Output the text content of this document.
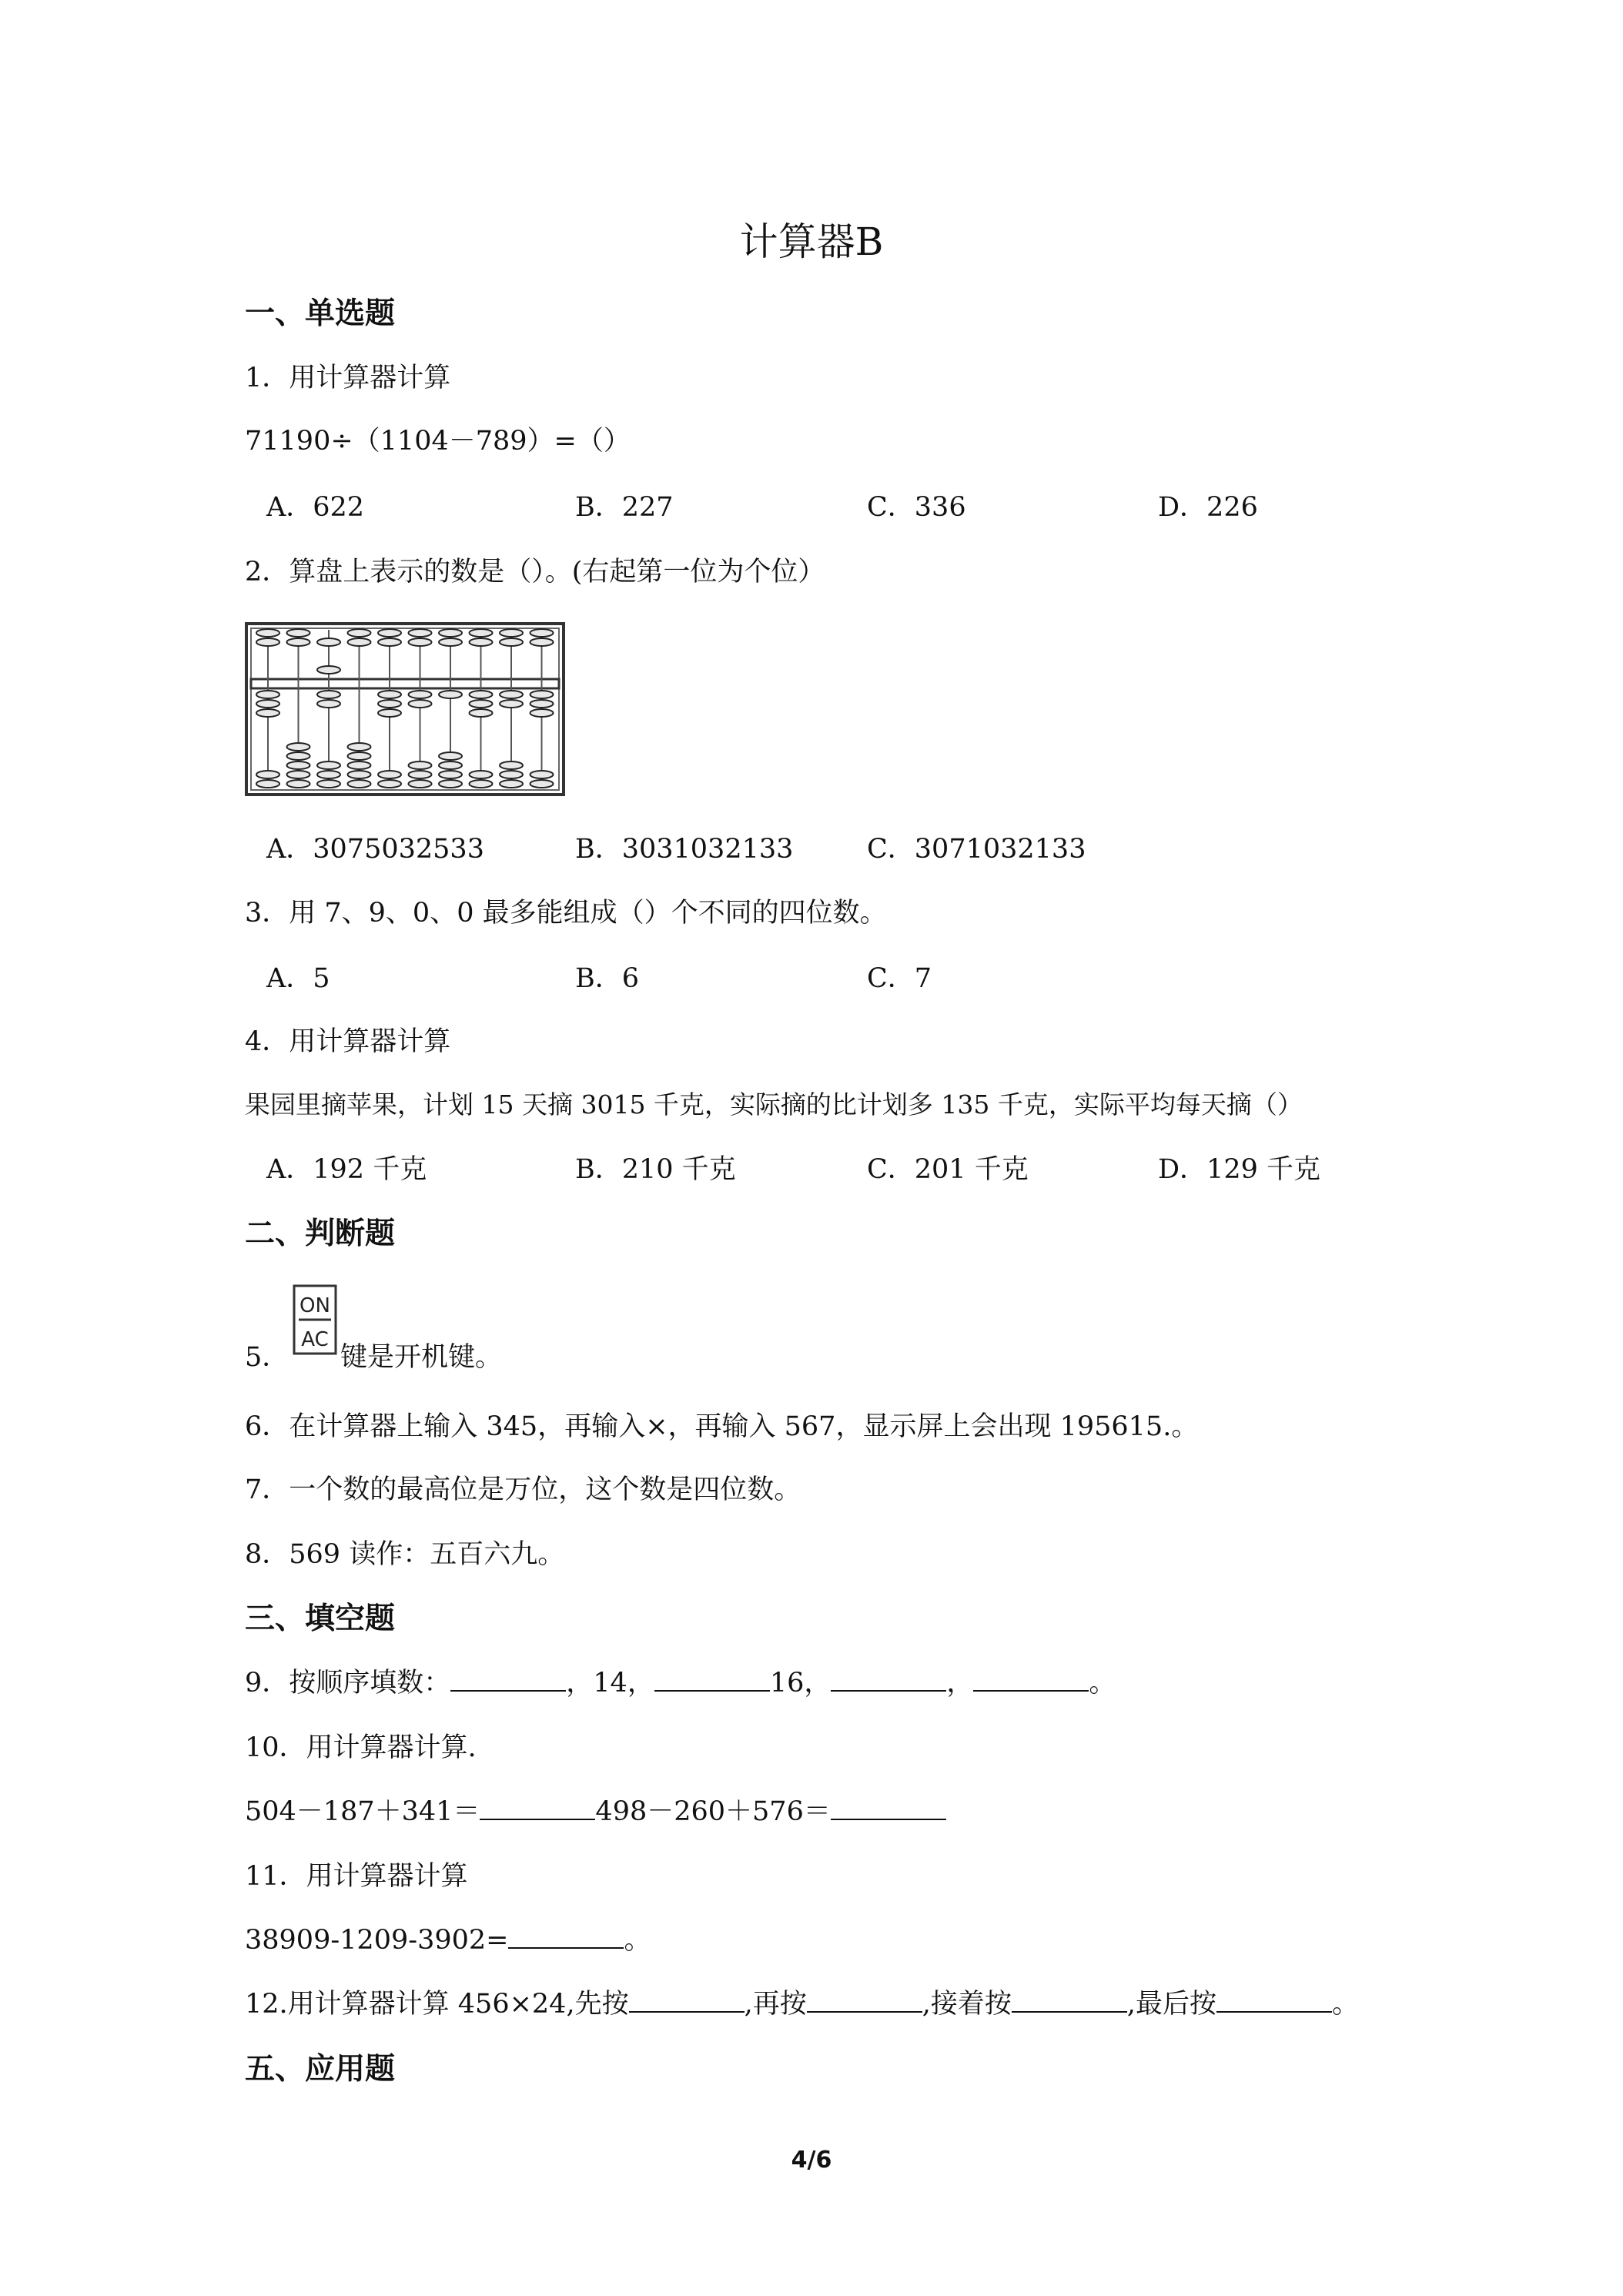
计算器B
一、单选题
1．用计算器计算
71190÷（1104－789）=（）
A．622	B．227	C．336	D．226
2．算盘上表示的数是（）。(右起第一位为个位）
A．3075032533	B．3031032133	C．3071032133
3．用 7、9、0、0 最多能组成（）个不同的四位数。
A．5	B．6	C．7
4．用计算器计算
果园里摘苹果，计划 15 天摘 3015 千克，实际摘的比计划多 135 千克，实际平均每天摘（）
A．192 千克	B．210 千克	C．201 千克	D．129 千克
二、判断题
5．
ON
AC
键是开机键。
6．在计算器上输入 345，再输入×，再输入 567，显示屏上会出现 195615.。
7．一个数的最高位是万位，这个数是四位数。
8．569 读作：五百六九。
三、填空题
9．按顺序填数：	，14，	16，	，	。
10．用计算器计算.
504－187＋341＝	498－260＋576＝
11．用计算器计算
38909-1209-3902=	。
12.用计算器计算 456×24,先按	,再按	,接着按	,最后按	。
五、应用题
4/6
